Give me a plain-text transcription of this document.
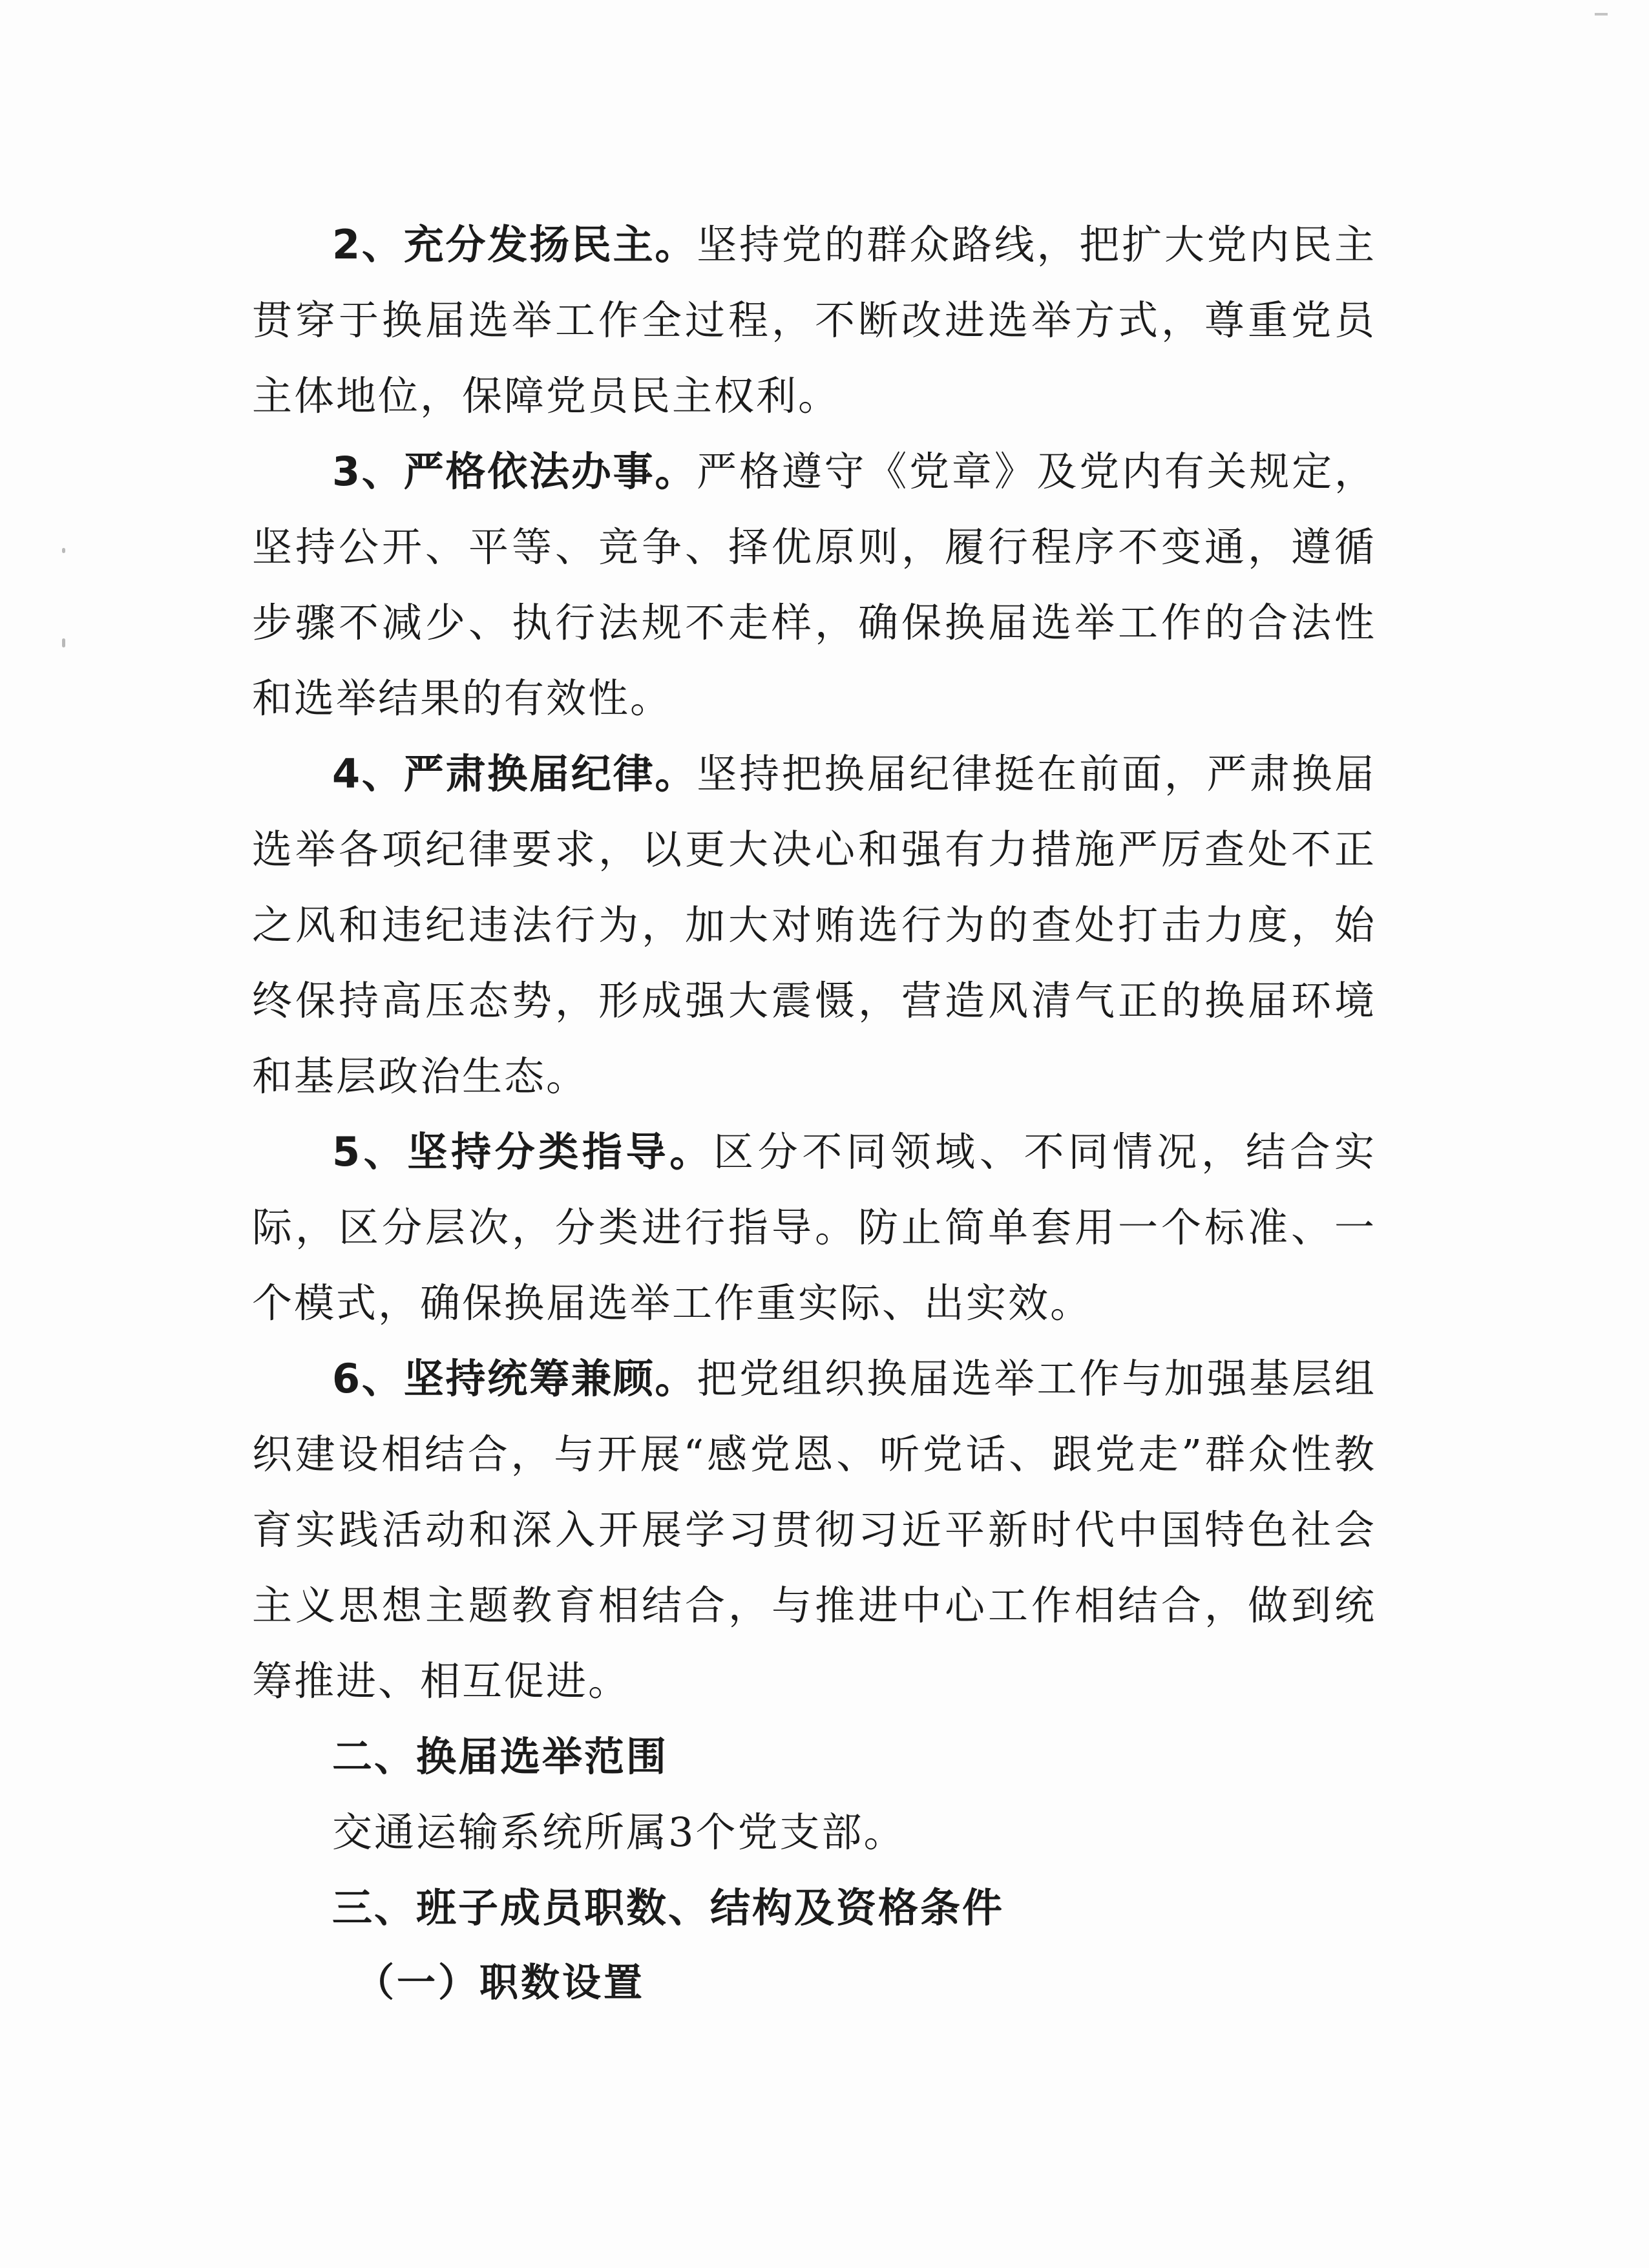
2、充分发扬民主。坚持党的群众路线，把扩大党内民主贯穿于换届选举工作全过程，不断改进选举方式，尊重党员主体地位，保障党员民主权利。

3、严格依法办事。严格遵守《党章》及党内有关规定，坚持公开、平等、竞争、择优原则，履行程序不变通，遵循步骤不减少、执行法规不走样，确保换届选举工作的合法性和选举结果的有效性。

4、严肃换届纪律。坚持把换届纪律挺在前面，严肃换届选举各项纪律要求，以更大决心和强有力措施严厉查处不正之风和违纪违法行为，加大对贿选行为的查处打击力度，始终保持高压态势，形成强大震慑，营造风清气正的换届环境和基层政治生态。

5、坚持分类指导。区分不同领域、不同情况，结合实际，区分层次，分类进行指导。防止简单套用一个标准、一个模式，确保换届选举工作重实际、出实效。

6、坚持统筹兼顾。把党组织换届选举工作与加强基层组织建设相结合，与开展“感党恩、听党话、跟党走”群众性教育实践活动和深入开展学习贯彻习近平新时代中国特色社会主义思想主题教育相结合，与推进中心工作相结合，做到统筹推进、相互促进。

二、换届选举范围

交通运输系统所属3个党支部。

三、班子成员职数、结构及资格条件

（一）职数设置
